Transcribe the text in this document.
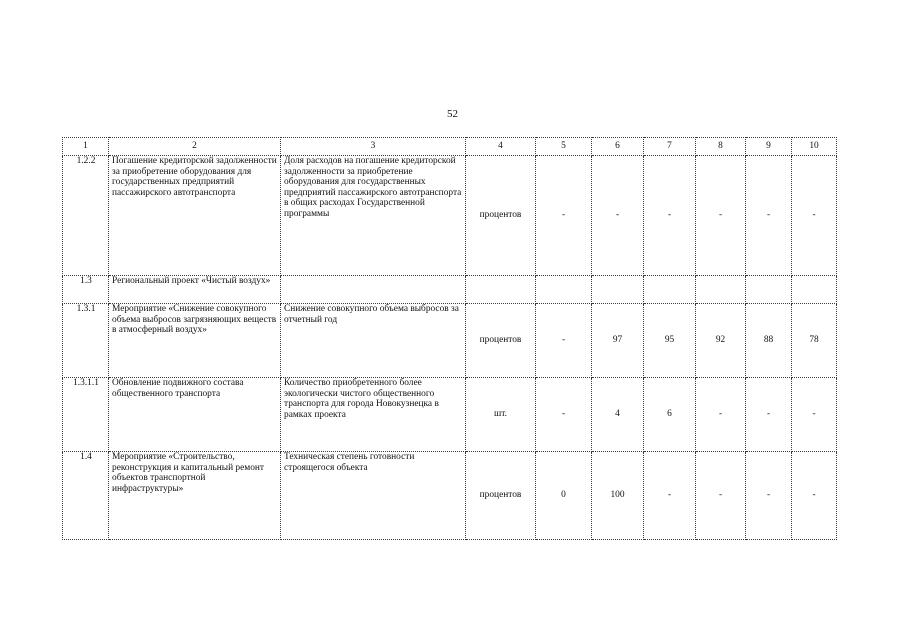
52
1	2	3	4	5	6	7	8	9	10
1.2.2	Погашение кредиторской задолженности за приобретение оборудования для государственных предприятий пассажирского автотранспорта	Доля расходов на погашение кредиторской задолженности за приобретение оборудования для государственных предприятий пассажирского автотранспорта в общих расходах Государственной программы	процентов	-	-	-	-	-	-
1.3	Региональный проект «Чистый воздух»								
1.3.1	Мероприятие «Снижение совокупного объема выбросов загрязняющих веществ в атмосферный воздух»	Снижение совокупного объема выбросов за отчетный год	процентов	-	97	95	92	88	78
1.3.1.1	Обновление подвижного состава общественного транспорта	Количество приобретенного более экологически чистого общественного транспорта для города Новокузнецка в рамках проекта	шт.	-	4	6	-	-	-
1.4	Мероприятие «Строительство, реконструкция и капитальный ремонт объектов транспортной инфраструктуры»	Техническая степень готовности строящегося объекта	процентов	0	100	-	-	-	-
